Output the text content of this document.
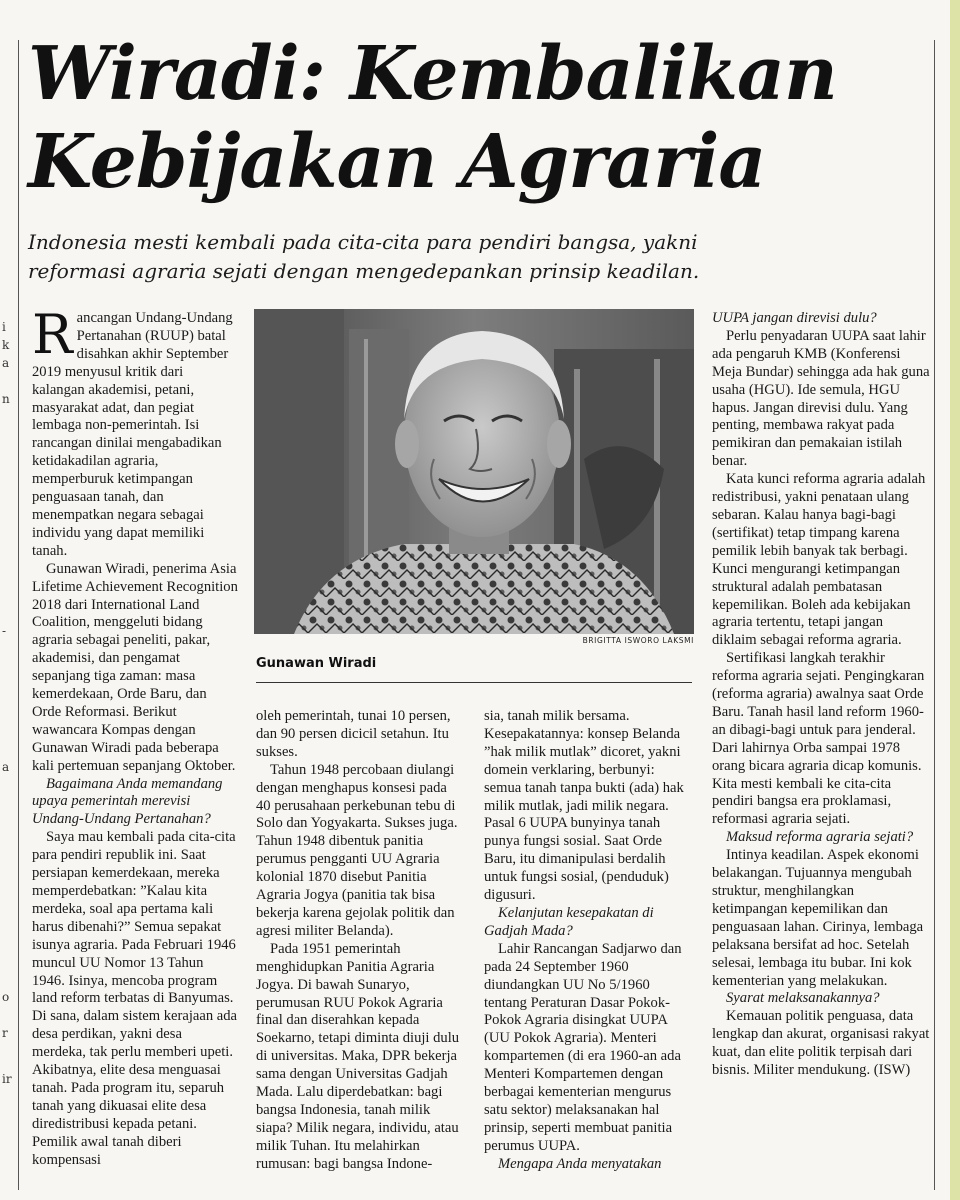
i
k
a
n
-
a
o
r
ir
Wiradi: Kembalikan
Kebijakan Agraria

Indonesia mesti kembali pada cita-cita para pendiri bangsa, yakni reformasi agraria sejati dengan mengedepankan prinsip keadilan.

Rancangan Undang-Undang Pertanahan (RUUP) batal disahkan akhir September 2019 menyusul kritik dari kalangan akademisi, petani, masyarakat adat, dan pegiat lembaga non-pemerintah. Isi rancangan dinilai mengabadikan ketidakadilan agraria, memperburuk ketimpangan penguasaan tanah, dan menempatkan negara sebagai individu yang dapat memiliki tanah.

Gunawan Wiradi, penerima Asia Lifetime Achievement Recognition 2018 dari International Land Coalition, menggeluti bidang agraria sebagai peneliti, pakar, akademisi, dan pengamat sepanjang tiga zaman: masa kemerdekaan, Orde Baru, dan Orde Reformasi. Berikut wawancara Kompas dengan Gunawan Wiradi pada beberapa kali pertemuan sepanjang Oktober.

Bagaimana Anda memandang upaya pemerintah merevisi Undang-Undang Pertanahan?

Saya mau kembali pada cita-cita para pendiri republik ini. Saat persiapan kemerdekaan, mereka memperdebatkan: ”Kalau kita merdeka, soal apa pertama kali harus dibenahi?” Semua sepakat isunya agraria. Pada Februari 1946 muncul UU Nomor 13 Tahun 1946. Isinya, mencoba program land reform terbatas di Banyumas. Di sana, dalam sistem kerajaan ada desa perdikan, yakni desa merdeka, tak perlu memberi upeti. Akibatnya, elite desa menguasai tanah. Pada program itu, separuh tanah yang dikuasai elite desa diredistribusi kepada petani. Pemilik awal tanah diberi kompensasi

BRIGITTA ISWORO LAKSMI
Gunawan Wiradi

oleh pemerintah, tunai 10 persen, dan 90 persen dicicil setahun. Itu sukses.

Tahun 1948 percobaan diulangi dengan menghapus konsesi pada 40 perusahaan perkebunan tebu di Solo dan Yogyakarta. Sukses juga. Tahun 1948 dibentuk panitia perumus pengganti UU Agraria kolonial 1870 disebut Panitia Agraria Jogya (panitia tak bisa bekerja karena gejolak politik dan agresi militer Belanda).

Pada 1951 pemerintah menghidupkan Panitia Agraria Jogya. Di bawah Sunaryo, perumusan RUU Pokok Agraria final dan diserahkan kepada Soekarno, tetapi diminta diuji dulu di universitas. Maka, DPR bekerja sama dengan Universitas Gadjah Mada. Lalu diperdebatkan: bagi bangsa Indonesia, tanah milik siapa? Milik negara, individu, atau milik Tuhan. Itu melahirkan rumusan: bagi bangsa Indone-

sia, tanah milik bersama. Kesepakatannya: konsep Belanda ”hak milik mutlak” dicoret, yakni domein verklaring, berbunyi: semua tanah tanpa bukti (ada) hak milik mutlak, jadi milik negara. Pasal 6 UUPA bunyinya tanah punya fungsi sosial. Saat Orde Baru, itu dimanipulasi berdalih untuk fungsi sosial, (penduduk) digusuri.

Kelanjutan kesepakatan di Gadjah Mada?

Lahir Rancangan Sadjarwo dan pada 24 September 1960 diundangkan UU No 5/1960 tentang Peraturan Dasar Pokok-Pokok Agraria disingkat UUPA (UU Pokok Agraria). Menteri kompartemen (di era 1960-an ada Menteri Kompartemen dengan berbagai kementerian mengurus satu sektor) melaksanakan hal prinsip, seperti membuat panitia perumus UUPA.

Mengapa Anda menyatakan

UUPA jangan direvisi dulu?

Perlu penyadaran UUPA saat lahir ada pengaruh KMB (Konferensi Meja Bundar) sehingga ada hak guna usaha (HGU). Ide semula, HGU hapus. Jangan direvisi dulu. Yang penting, membawa rakyat pada pemikiran dan pemakaian istilah benar.

Kata kunci reforma agraria adalah redistribusi, yakni penataan ulang sebaran. Kalau hanya bagi-bagi (sertifikat) tetap timpang karena pemilik lebih banyak tak berbagi. Kunci mengurangi ketimpangan struktural adalah pembatasan kepemilikan. Boleh ada kebijakan agraria tertentu, tetapi jangan diklaim sebagai reforma agraria.

Sertifikasi langkah terakhir reforma agraria sejati. Pengingkaran (reforma agraria) awalnya saat Orde Baru. Tanah hasil land reform 1960-an dibagi-bagi untuk para jenderal. Dari lahirnya Orba sampai 1978 orang bicara agraria dicap komunis. Kita mesti kembali ke cita-cita pendiri bangsa era proklamasi, reformasi agraria sejati.

Maksud reforma agraria sejati?

Intinya keadilan. Aspek ekonomi belakangan. Tujuannya mengubah struktur, menghilangkan ketimpangan kepemilikan dan penguasaan lahan. Cirinya, lembaga pelaksana bersifat ad hoc. Setelah selesai, lembaga itu bubar. Ini kok kementerian yang melakukan.

Syarat melaksanakannya?

Kemauan politik penguasa, data lengkap dan akurat, organisasi rakyat kuat, dan elite politik terpisah dari bisnis. Militer mendukung. (ISW)
